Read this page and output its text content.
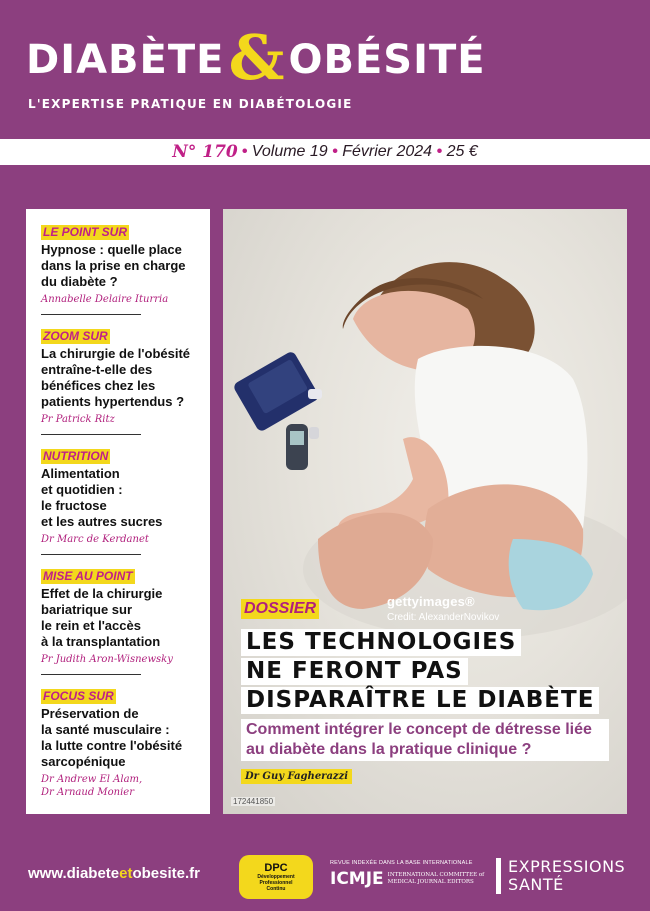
DIABÈTE & OBÉSITÉ
L'EXPERTISE PRATIQUE EN DIABÉTOLOGIE
N° 170 • Volume 19 • Février 2024 • 25 €
LE POINT SUR
Hypnose : quelle place
dans la prise en charge
du diabète ?
Annabelle Delaire Iturria
ZOOM SUR
La chirurgie de l'obésité
entraîne-t-elle des
bénéfices chez les
patients hypertendus ?
Pr Patrick Ritz
NUTRITION
Alimentation
et quotidien :
le fructose
et les autres sucres
Dr Marc de Kerdanet
MISE AU POINT
Effet de la chirurgie
bariatrique sur
le rein et l'accès
à la transplantation
Pr Judith Aron-Wisnewsky
FOCUS SUR
Préservation de
la santé musculaire :
la lutte contre l'obésité
sarcopénique
Dr Andrew El Alam,
Dr Arnaud Monier
gettyimages®
Credit: AlexanderNovikov
DOSSIER
LES TECHNOLOGIES
NE FERONT PAS
DISPARAÎTRE LE DIABÈTE
Comment intégrer le concept de détresse liée au diabète dans la pratique clinique ?
Dr Guy Fagherazzi
172441850
www.diabeteetobesite.fr	DPC
Développement
Professionnel
Continu
REVUE INDEXÉE DANS LA BASE INTERNATIONALE
ICMJE INTERNATIONAL COMMITTEE of
MEDICAL JOURNAL EDITORS
EXPRESSIONS
SANTÉ
